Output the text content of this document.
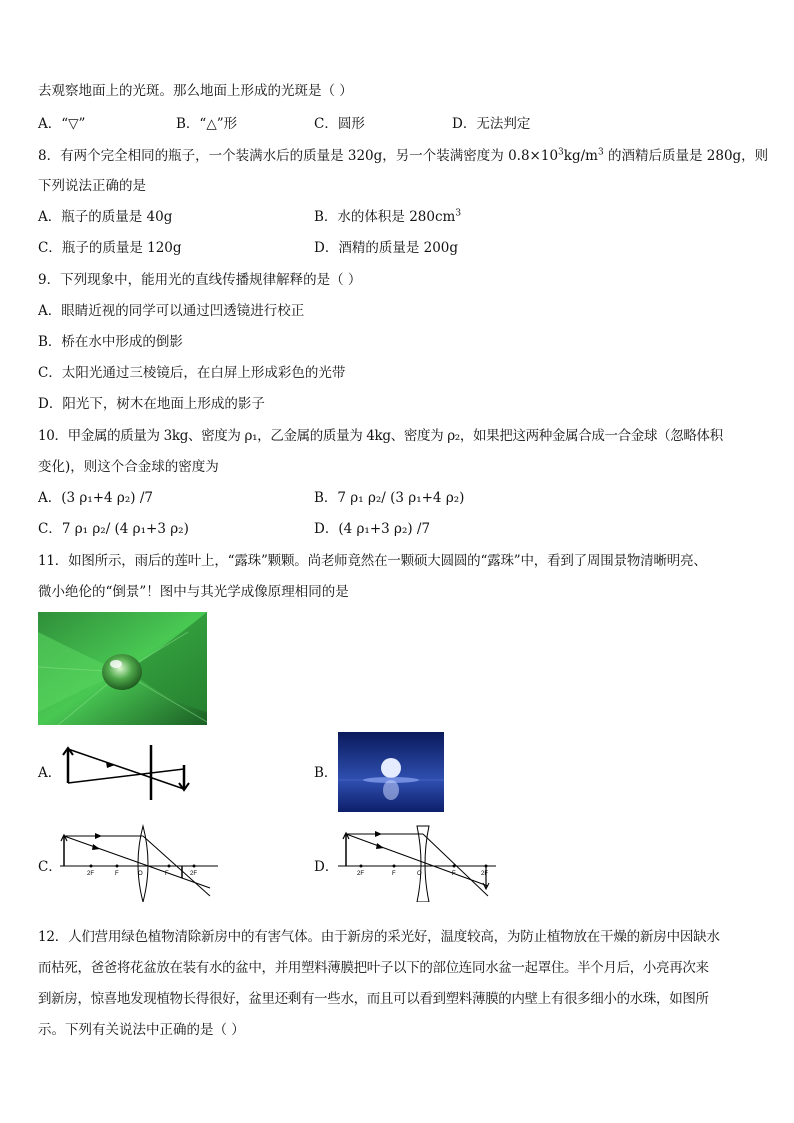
去观察地面上的光斑。那么地面上形成的光斑是（ ）
A．“▽”	B．“△”形	C．圆形	D．无法判定
8．有两个完全相同的瓶子，一个装满水后的质量是 320g，另一个装满密度为 $0.8\times 10^3kg/m^3$ 的酒精后质量是 280g，则
下列说法正确的是
A．瓶子的质量是 40g	B．水的体积是 $280cm^3$
C．瓶子的质量是 120g	D．酒精的质量是 200g
9．下列现象中，能用光的直线传播规律解释的是（ ）
A．眼睛近视的同学可以通过凹透镜进行校正
B．桥在水中形成的倒影
C．太阳光通过三棱镜后，在白屏上形成彩色的光带
D．阳光下，树木在地面上形成的影子
10．甲金属的质量为 3kg、密度为 ρ₁，乙金属的质量为 4kg、密度为 ρ₂，如果把这两种金属合成一合金球（忽略体积
变化)，则这个合金球的密度为
A．(3 ρ₁+4 ρ₂) /7	B．7 ρ₁ ρ₂/ (3 ρ₁+4 ρ₂)
C．7 ρ₁ ρ₂/ (4 ρ₁+3 ρ₂)	D．(4 ρ₁+3 ρ₂) /7
11．如图所示，雨后的莲叶上，“露珠”颗颗。尚老师竟然在一颗硕大圆圆的“露珠”中，看到了周围景物清晰明亮、
微小绝伦的“倒景”！图中与其光学成像原理相同的是
A．	B．
C．	2F	F	O	F	2F	D．	2F	F	O	F	2F
12．人们营用绿色植物清除新房中的有害气体。由于新房的采光好，温度较高，为防止植物放在干燥的新房中因缺水
而枯死，爸爸将花盆放在装有水的盆中，并用塑料薄膜把叶子以下的部位连同水盆一起罩住。半个月后，小亮再次来
到新房，惊喜地发现植物长得很好，盆里还剩有一些水，而且可以看到塑料薄膜的内壁上有很多细小的水珠，如图所
示。下列有关说法中正确的是（ ）
